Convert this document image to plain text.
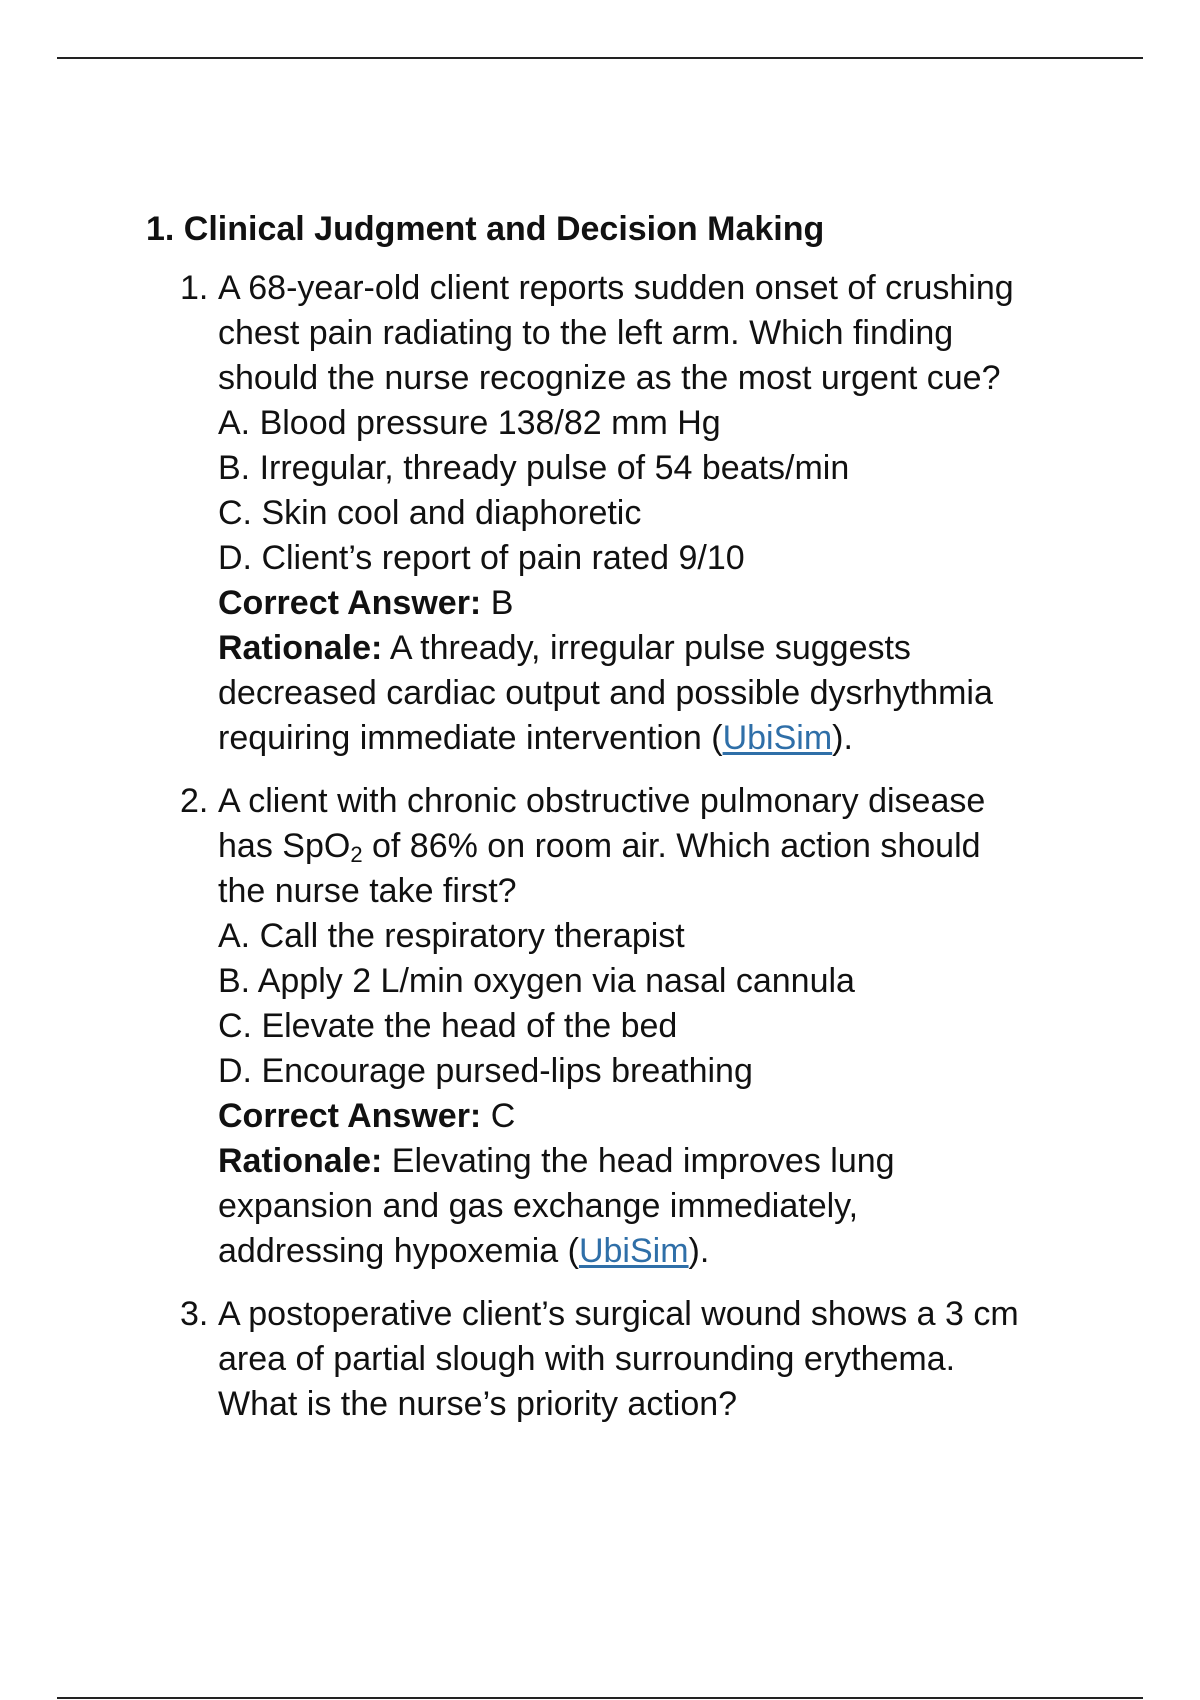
1. Clinical Judgment and Decision Making
1. A 68-year-old client reports sudden onset of crushing
chest pain radiating to the left arm. Which finding
should the nurse recognize as the most urgent cue?
A. Blood pressure 138/82 mm Hg
B. Irregular, thready pulse of 54 beats/min
C. Skin cool and diaphoretic
D. Client’s report of pain rated 9/10
Correct Answer: B
Rationale: A thready, irregular pulse suggests
decreased cardiac output and possible dysrhythmia
requiring immediate intervention (UbiSim).
2. A client with chronic obstructive pulmonary disease
has SpO$_2$ of 86% on room air. Which action should
the nurse take first?
A. Call the respiratory therapist
B. Apply 2 L/min oxygen via nasal cannula
C. Elevate the head of the bed
D. Encourage pursed-lips breathing
Correct Answer: C
Rationale: Elevating the head improves lung
expansion and gas exchange immediately,
addressing hypoxemia (UbiSim).
3. A postoperative client’s surgical wound shows a 3 cm
area of partial slough with surrounding erythema.
What is the nurse’s priority action?
